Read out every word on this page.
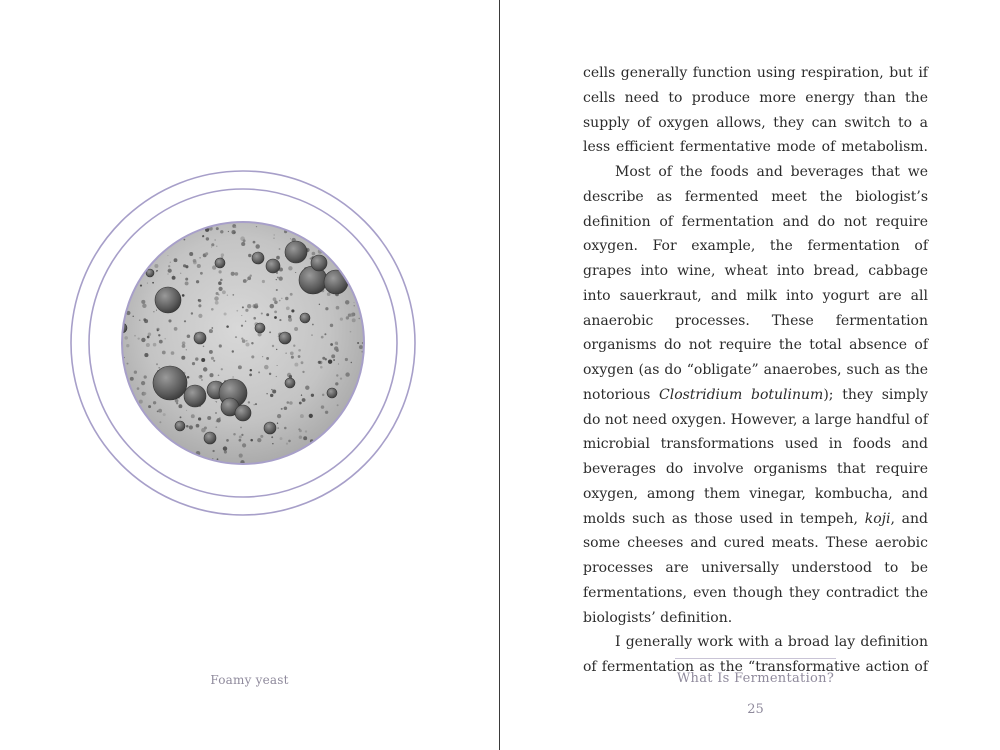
Foamy yeast

cells generally function using respiration, but if cells need to produce more energy than the supply of oxygen allows, they can switch to a less efficient fermentative mode of metabolism.

Most of the foods and beverages that we describe as fermented meet the biologist’s definition of fermentation and do not require oxygen. For example, the fermentation of grapes into wine, wheat into bread, cabbage into sauerkraut, and milk into yogurt are all anaerobic processes. These fermentation organisms do not require the total absence of oxygen (as do “obligate” anaerobes, such as the notorious Clostridium botulinum); they simply do not need oxygen. However, a large handful of microbial transformations used in foods and beverages do involve organisms that require oxygen, among them vinegar, kombucha, and molds such as those used in tempeh, koji, and some cheeses and cured meats. These aerobic processes are universally understood to be fermentations, even though they contradict the biologists’ definition.

I generally work with a broad lay definition of fermentation as the “transformative action of

What Is Fermentation?
25
